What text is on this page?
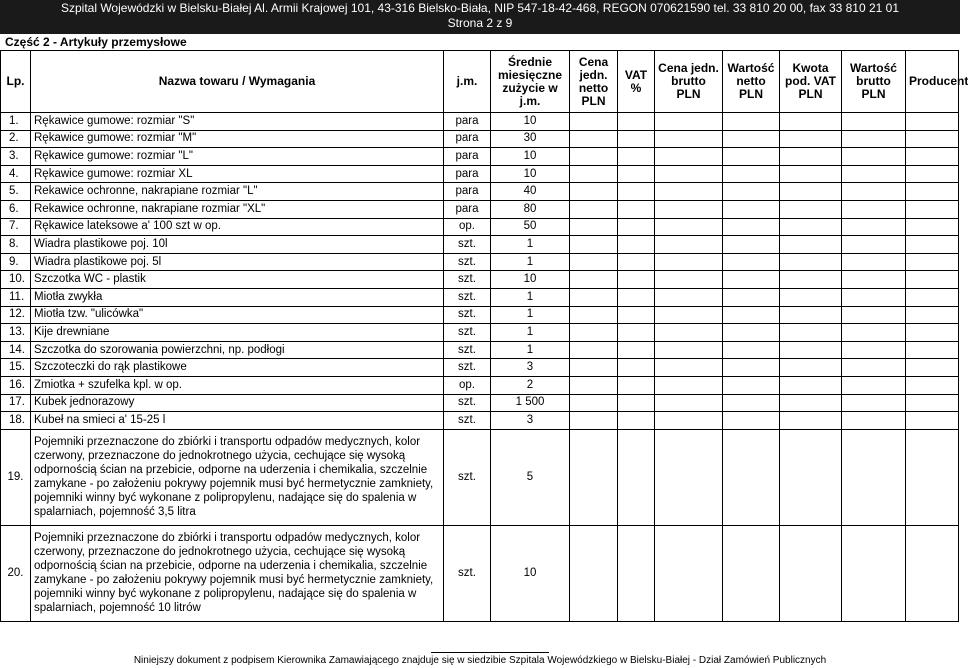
Szpital Wojewódzki w Bielsku-Białej Al. Armii Krajowej 101, 43-316 Bielsko-Biała, NIP 547-18-42-468, REGON 070621590 tel. 33 810 20 00, fax 33 810 21 01
Strona 2 z 9
Część 2 - Artykuły przemysłowe
Lp.	Nazwa towaru / Wymagania	j.m.	Średnie miesięczne zużycie w j.m.	Cena jedn. netto PLN	VAT %	Cena jedn. brutto PLN	Wartość netto PLN	Kwota pod. VAT PLN	Wartość brutto PLN	Producent
1.	Rękawice gumowe: rozmiar "S"	para	10							
2.	Rękawice gumowe: rozmiar "M"	para	30							
3.	Rękawice gumowe: rozmiar "L"	para	10							
4.	Rękawice gumowe: rozmiar XL	para	10							
5.	Rekawice ochronne, nakrapiane rozmiar "L"	para	40							
6.	Rekawice ochronne, nakrapiane rozmiar "XL"	para	80							
7.	Rękawice lateksowe a' 100 szt w op.	op.	50							
8.	Wiadra plastikowe poj. 10l	szt.	1							
9.	Wiadra plastikowe poj. 5l	szt.	1							
10.	Szczotka WC - plastik	szt.	10							
11.	Miotła zwykła	szt.	1							
12.	Miotła tzw. "ulicówka"	szt.	1							
13.	Kije drewniane	szt.	1							
14.	Szczotka do szorowania powierzchni, np. podłogi	szt.	1							
15.	Szczoteczki do rąk plastikowe	szt.	3							
16.	Zmiotka + szufelka kpl. w op.	op.	2							
17.	Kubek jednorazowy	szt.	1 500							
18.	Kubeł na smieci a' 15-25 l	szt.	3							
19.	Pojemniki przeznaczone do zbiórki i transportu odpadów medycznych, kolor czerwony, przeznaczone do jednokrotnego użycia, cechujące się wysoką odpornością ścian na przebicie, odporne na uderzenia i chemikalia, szczelnie zamykane - po założeniu pokrywy pojemnik musi być hermetycznie zamkniety, pojemniki winny być wykonane z polipropylenu, nadające się do spalenia w spalarniach, pojemność 3,5 litra	szt.	5							
20.	Pojemniki przeznaczone do zbiórki i transportu odpadów medycznych, kolor czerwony, przeznaczone do jednokrotnego użycia, cechujące się wysoką odpornością ścian na przebicie, odporne na uderzenia i chemikalia, szczelnie zamykane - po założeniu pokrywy pojemnik musi być hermetycznie zamkniety, pojemniki winny być wykonane z polipropylenu, nadające się do spalenia w spalarniach, pojemność 10 litrów	szt.	10							
Niniejszy dokument z podpisem Kierownika Zamawiającego znajduje się w siedzibie Szpitala Wojewódzkiego w Bielsku-Białej - Dział Zamówień Publicznych
